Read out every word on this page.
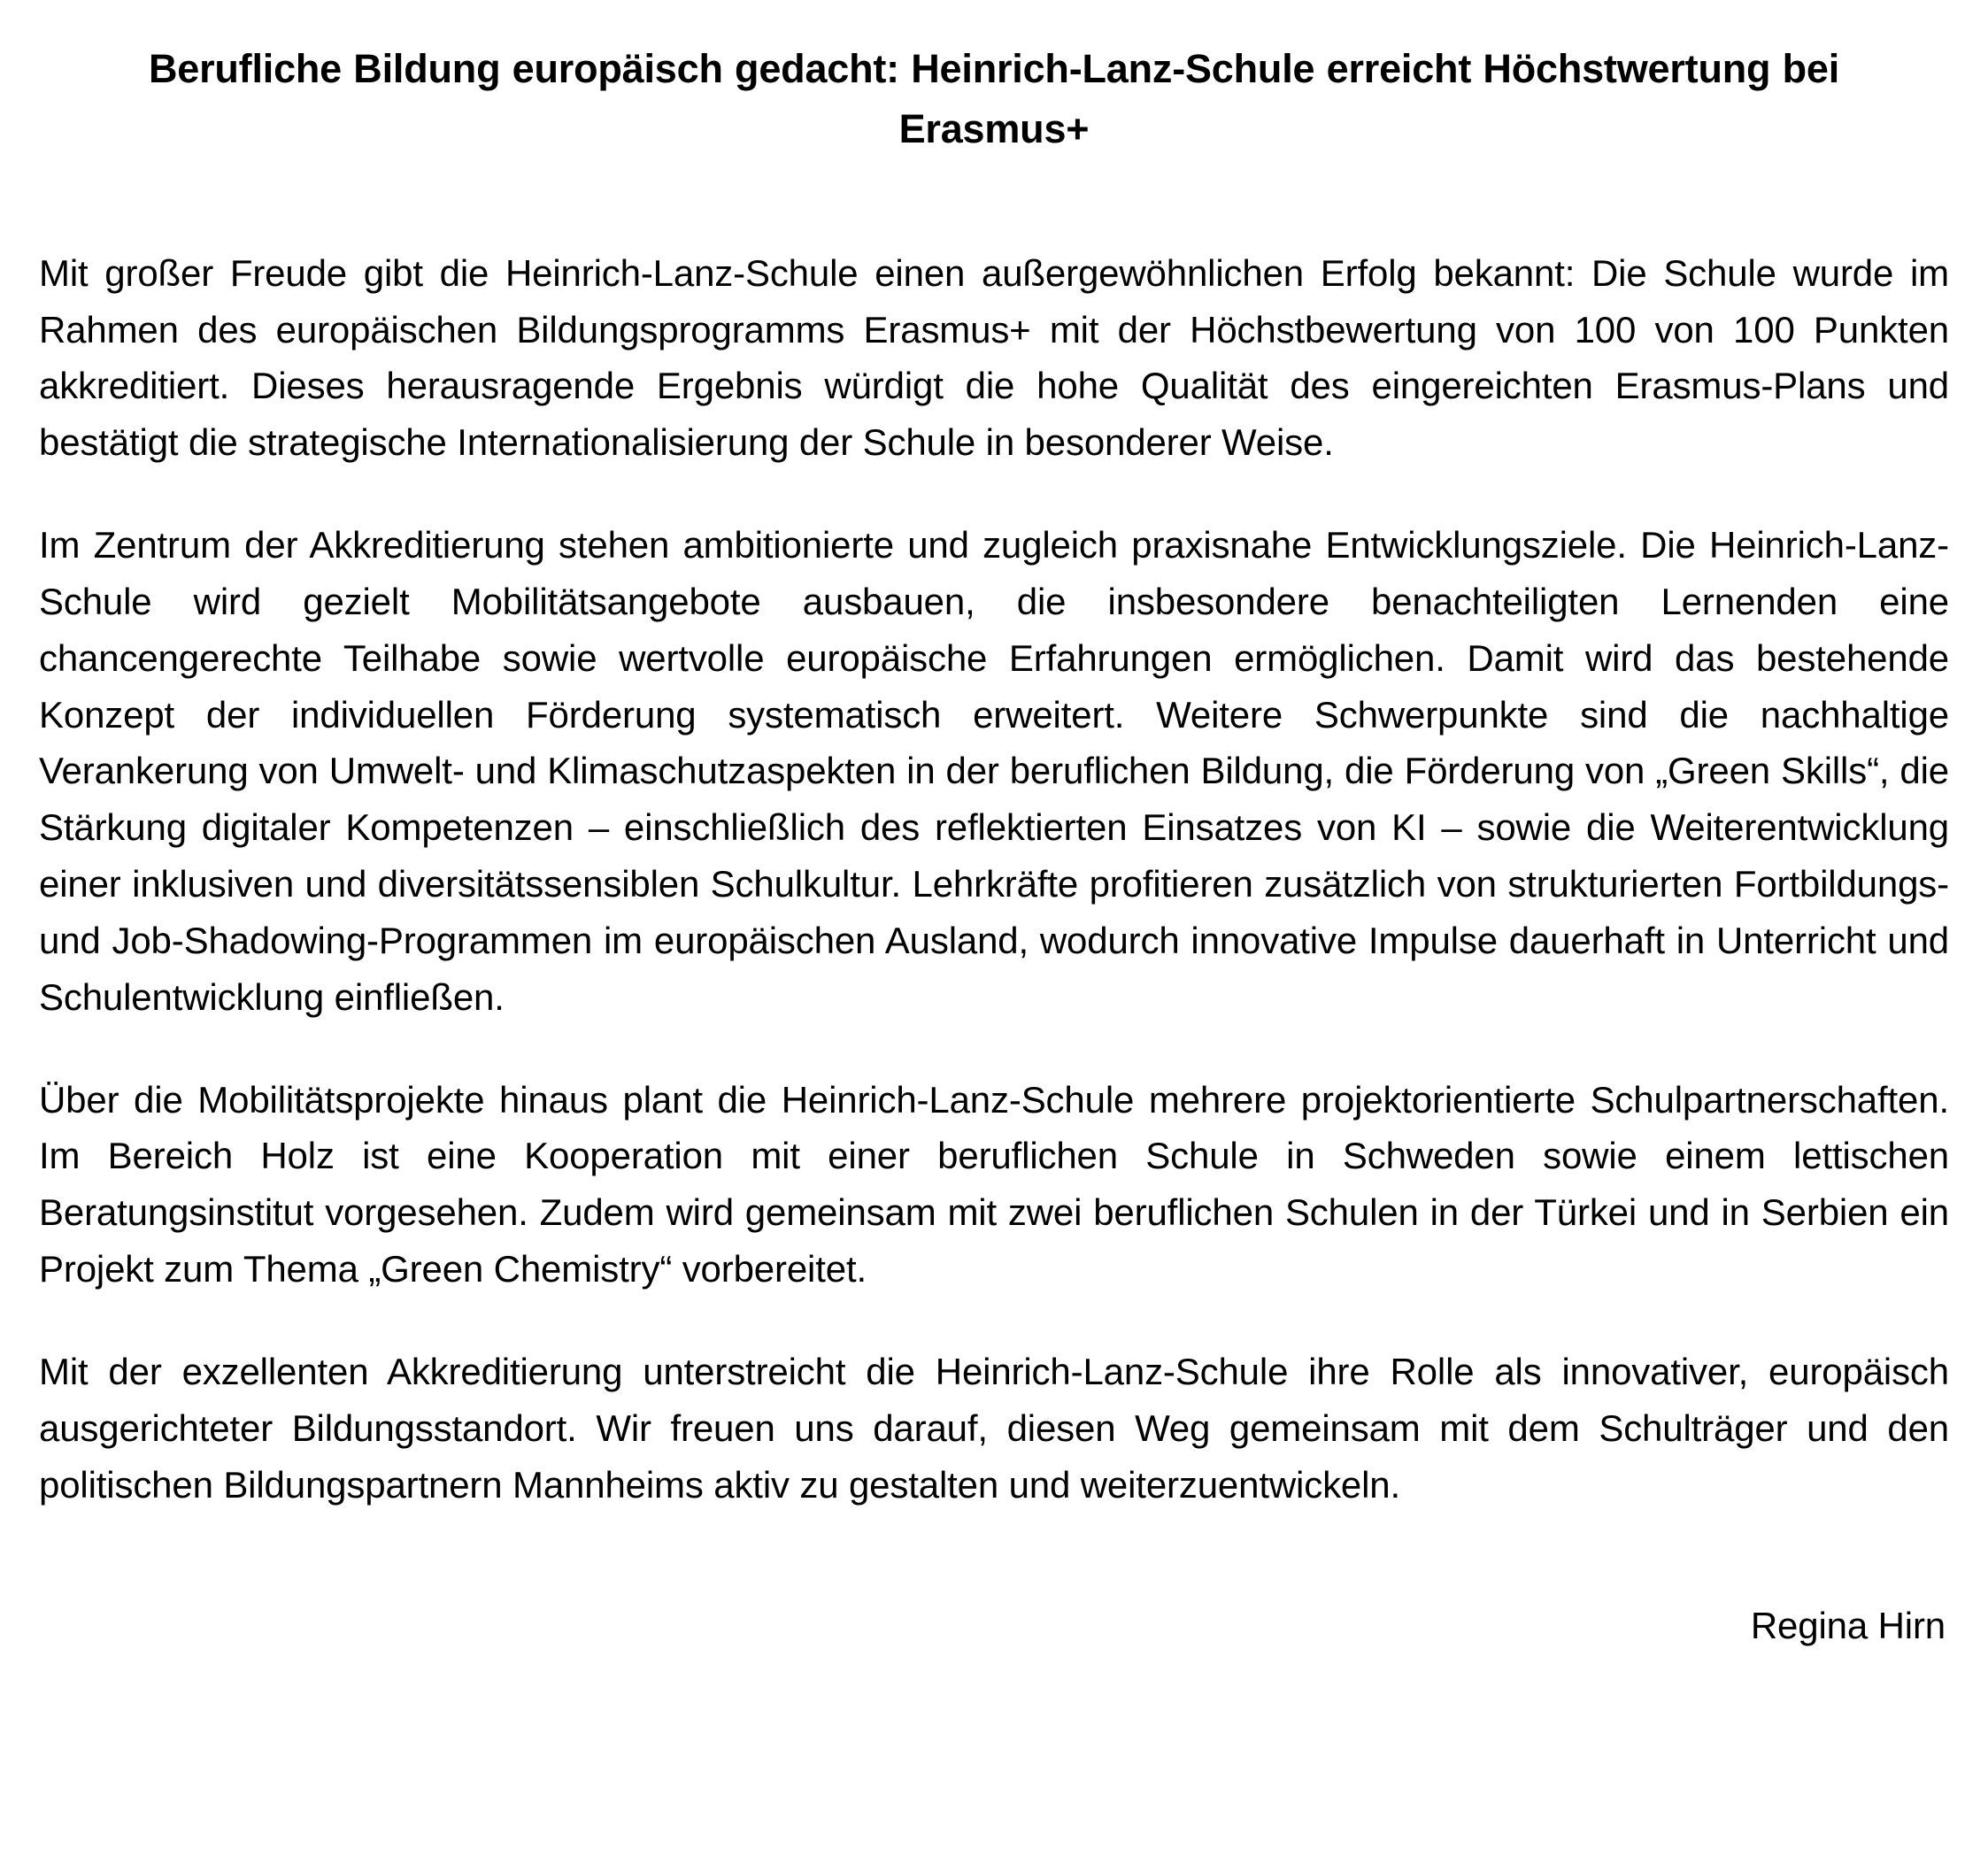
Berufliche Bildung europäisch gedacht: Heinrich-Lanz-Schule erreicht Höchstwertung bei Erasmus+

Mit großer Freude gibt die Heinrich-Lanz-Schule einen außergewöhnlichen Erfolg bekannt: Die Schule wurde im Rahmen des europäischen Bildungsprogramms Erasmus+ mit der Höchstbewertung von 100 von 100 Punkten akkreditiert. Dieses herausragende Ergebnis würdigt die hohe Qualität des eingereichten Erasmus-Plans und bestätigt die strategische Internationalisierung der Schule in besonderer Weise.

Im Zentrum der Akkreditierung stehen ambitionierte und zugleich praxisnahe Entwicklungsziele. Die Heinrich-Lanz-Schule wird gezielt Mobilitätsangebote ausbauen, die insbesondere benachteiligten Lernenden eine chancengerechte Teilhabe sowie wertvolle europäische Erfahrungen ermöglichen. Damit wird das bestehende Konzept der individuellen Förderung systematisch erweitert. Weitere Schwerpunkte sind die nachhaltige Verankerung von Umwelt- und Klimaschutzaspekten in der beruflichen Bildung, die Förderung von „Green Skills“, die Stärkung digitaler Kompetenzen – einschließlich des reflektierten Einsatzes von KI – sowie die Weiterentwicklung einer inklusiven und diversitätssensiblen Schulkultur. Lehrkräfte profitieren zusätzlich von strukturierten Fortbildungs- und Job-Shadowing-Programmen im europäischen Ausland, wodurch innovative Impulse dauerhaft in Unterricht und Schulentwicklung einfließen.

Über die Mobilitätsprojekte hinaus plant die Heinrich-Lanz-Schule mehrere projektorientierte Schulpartnerschaften. Im Bereich Holz ist eine Kooperation mit einer beruflichen Schule in Schweden sowie einem lettischen Beratungsinstitut vorgesehen. Zudem wird gemeinsam mit zwei beruflichen Schulen in der Türkei und in Serbien ein Projekt zum Thema „Green Chemistry“ vorbereitet.

Mit der exzellenten Akkreditierung unterstreicht die Heinrich-Lanz-Schule ihre Rolle als innovativer, europäisch ausgerichteter Bildungsstandort. Wir freuen uns darauf, diesen Weg gemeinsam mit dem Schulträger und den politischen Bildungspartnern Mannheims aktiv zu gestalten und weiterzuentwickeln.

Regina Hirn
